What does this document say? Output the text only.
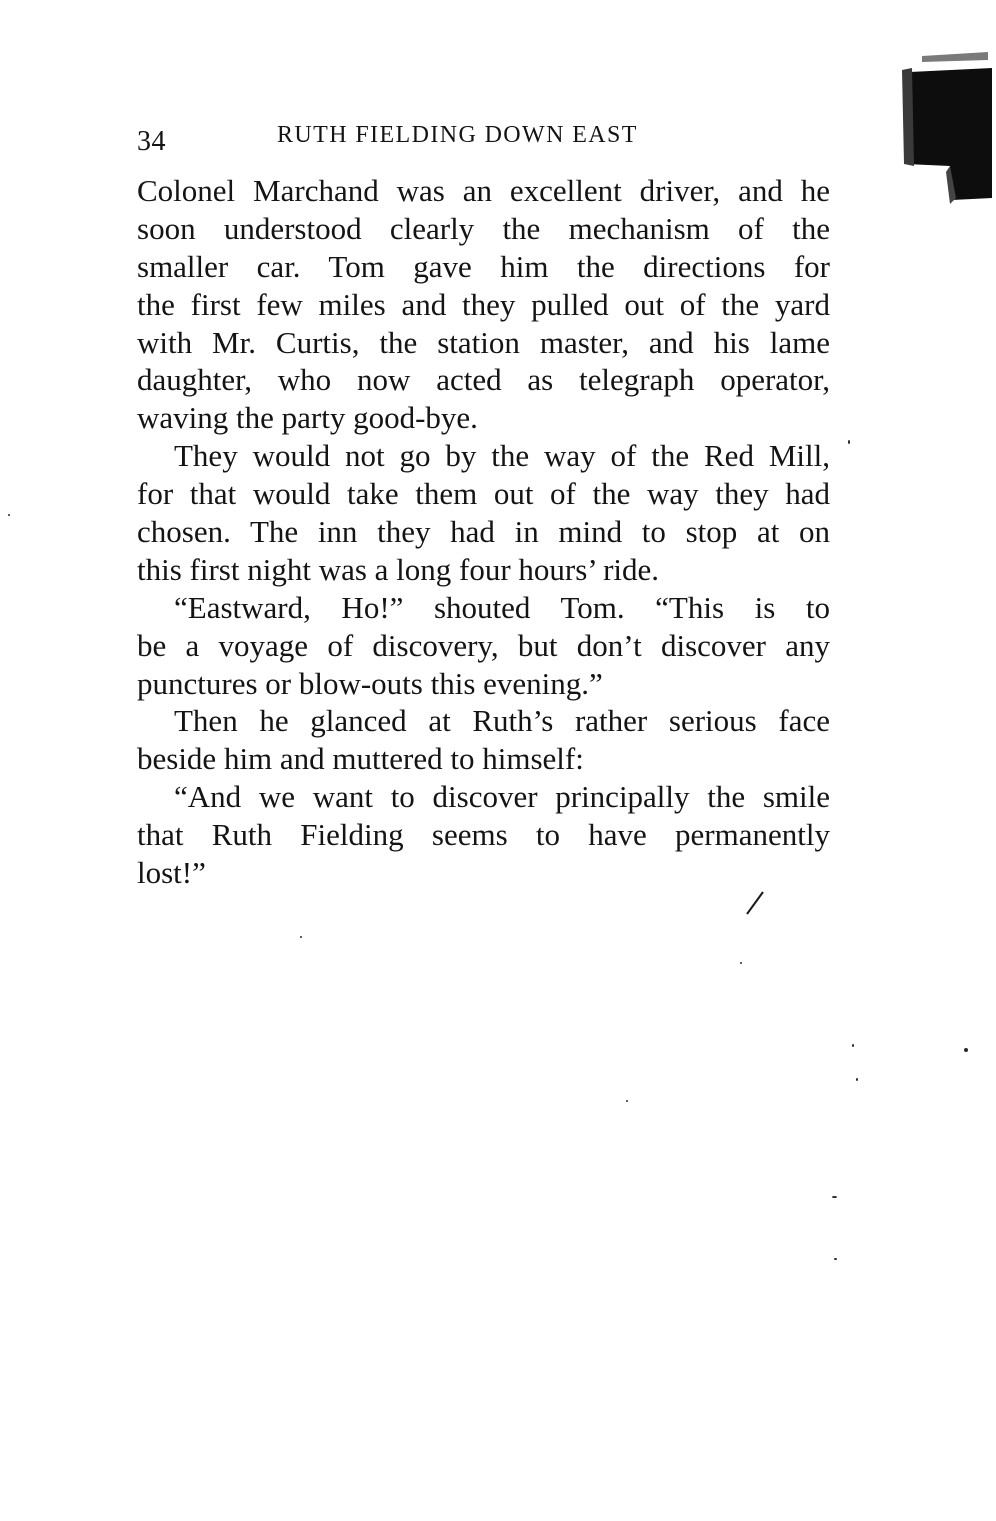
34	RUTH FIELDING DOWN EAST
Colonel Marchand was an excellent driver, and he
soon understood clearly the mechanism of the
smaller car. Tom gave him the directions for
the first few miles and they pulled out of the yard
with Mr. Curtis, the station master, and his lame
daughter, who now acted as telegraph operator,
waving the party good-bye.
They would not go by the way of the Red Mill,
for that would take them out of the way they had
chosen. The inn they had in mind to stop at on
this first night was a long four hours’ ride.
“Eastward, Ho!” shouted Tom. “This is to
be a voyage of discovery, but don’t discover any
punctures or blow-outs this evening.”
Then he glanced at Ruth’s rather serious face
beside him and muttered to himself:
“And we want to discover principally the smile
that Ruth Fielding seems to have permanently
lost!”
